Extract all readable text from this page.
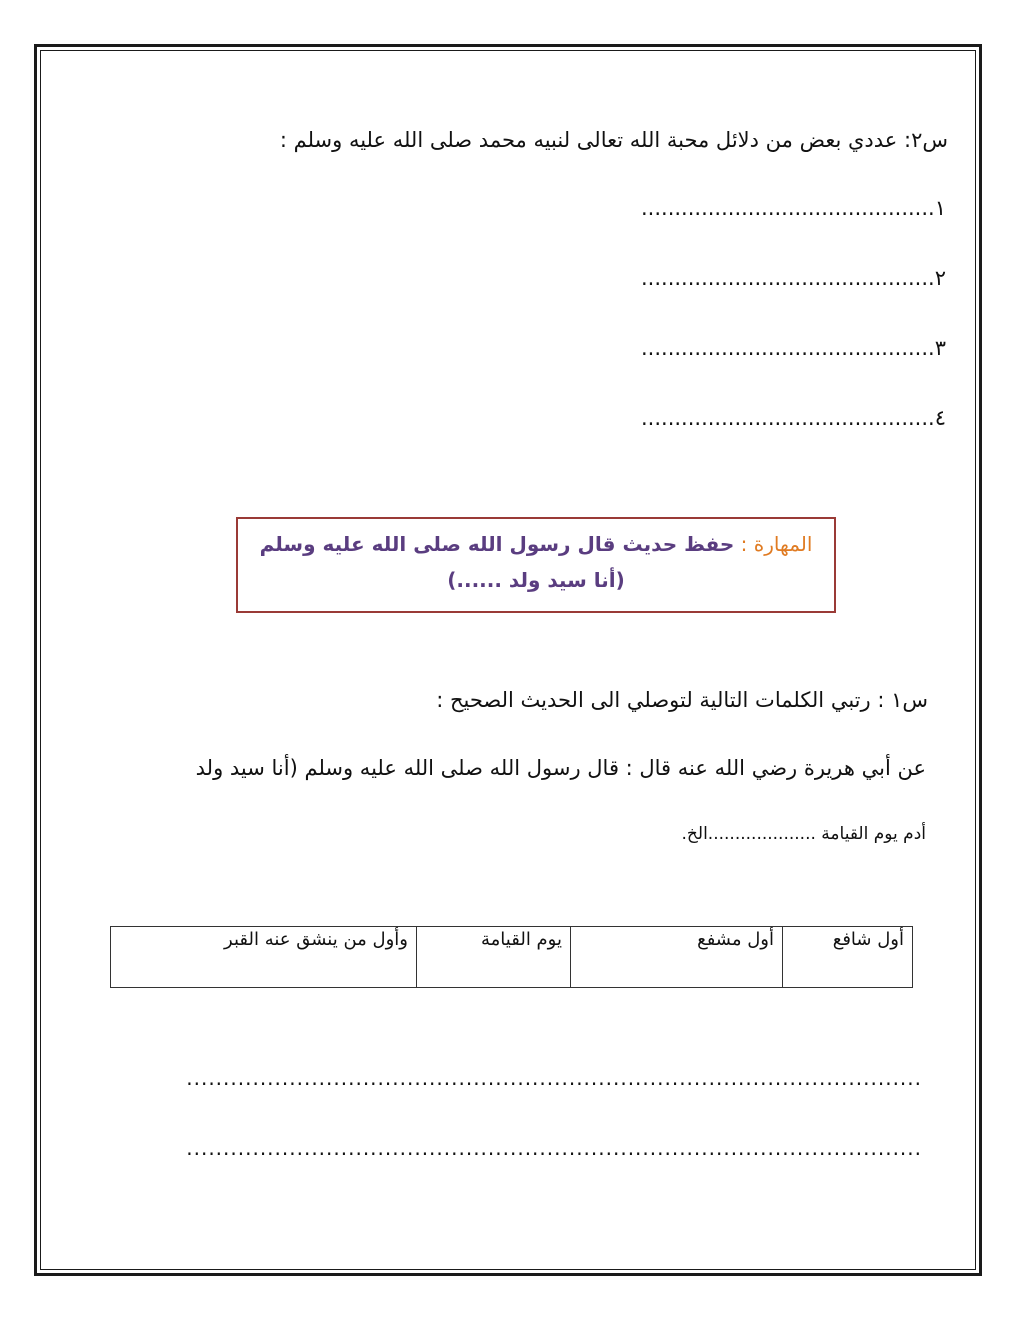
س٢: عددي بعض من دلائل محبة الله تعالى لنبيه محمد صلى الله عليه وسلم :
١............................................
٢............................................
٣............................................
٤............................................
المهارة : حفظ حديث قال رسول الله صلى الله عليه وسلم
(أنا سيد ولد ......)
س١ : رتبي الكلمات التالية لتوصلي الى الحديث الصحيح :
عن أبي هريرة رضي الله عنه قال : قال رسول الله صلى الله عليه وسلم (أنا سيد ولد
أدم يوم القيامة ....................الخ.
أول شافع	أول مشفع	يوم القيامة	وأول من ينشق عنه القبر
....................................................................................................
....................................................................................................
